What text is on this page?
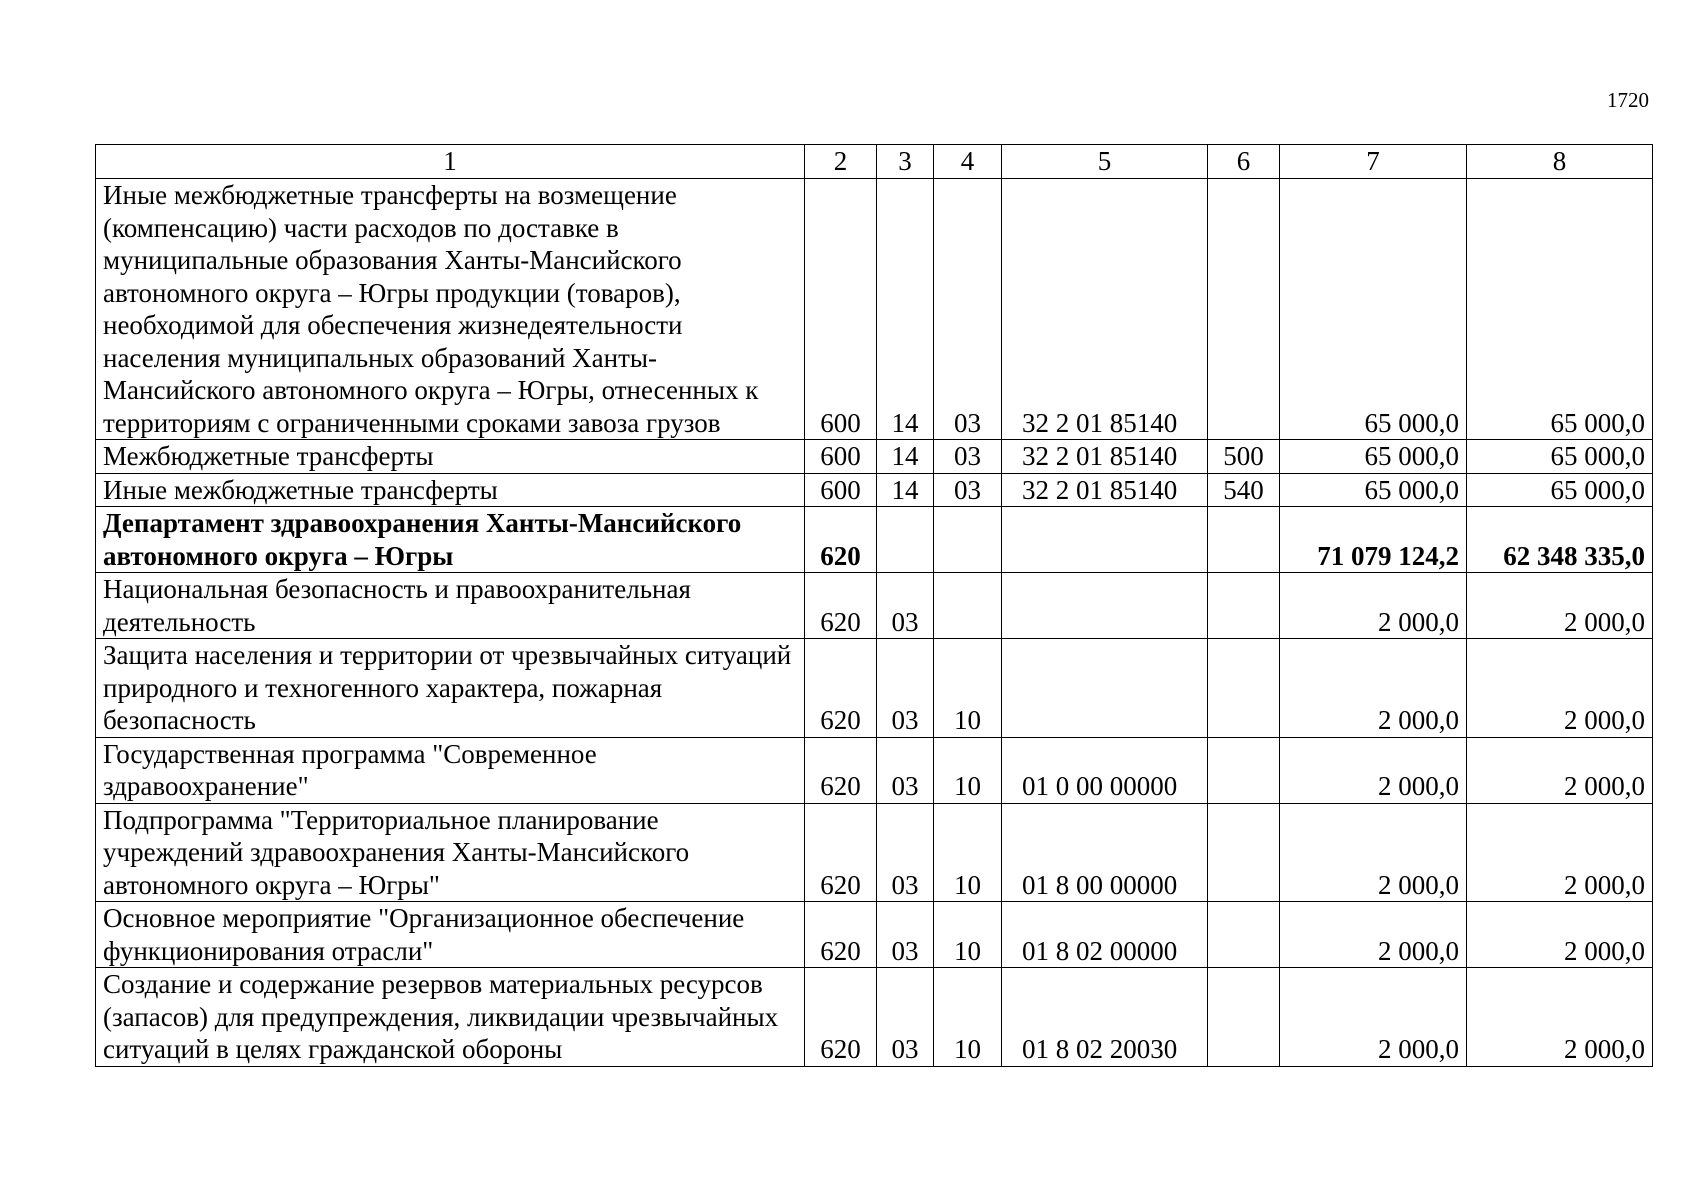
1720
1	2	3	4	5	6	7	8
Иные межбюджетные трансферты на возмещение (компенсацию) части расходов по доставке в муниципальные образования Ханты-Мансийского автономного округа – Югры продукции (товаров), необходимой для обеспечения жизнедеятельности населения муниципальных образований Ханты-Мансийского автономного округа – Югры, отнесенных к территориям с ограниченными сроками завоза грузов	600	14	03	32 2 01 85140		65 000,0	65 000,0
Межбюджетные трансферты	600	14	03	32 2 01 85140	500	65 000,0	65 000,0
Иные межбюджетные трансферты	600	14	03	32 2 01 85140	540	65 000,0	65 000,0
Департамент здравоохранения Ханты-Мансийского автономного округа – Югры	620					71 079 124,2	62 348 335,0
Национальная безопасность и правоохранительная деятельность	620	03				2 000,0	2 000,0
Защита населения и территории от чрезвычайных ситуаций природного и техногенного характера, пожарная безопасность	620	03	10			2 000,0	2 000,0
Государственная программа "Современное здравоохранение"	620	03	10	01 0 00 00000		2 000,0	2 000,0
Подпрограмма "Территориальное планирование учреждений здравоохранения Ханты-Мансийского автономного округа – Югры"	620	03	10	01 8 00 00000		2 000,0	2 000,0
Основное мероприятие "Организационное обеспечение функционирования отрасли"	620	03	10	01 8 02 00000		2 000,0	2 000,0
Создание и содержание резервов материальных ресурсов (запасов) для предупреждения, ликвидации чрезвычайных ситуаций в целях гражданской обороны	620	03	10	01 8 02 20030		2 000,0	2 000,0
